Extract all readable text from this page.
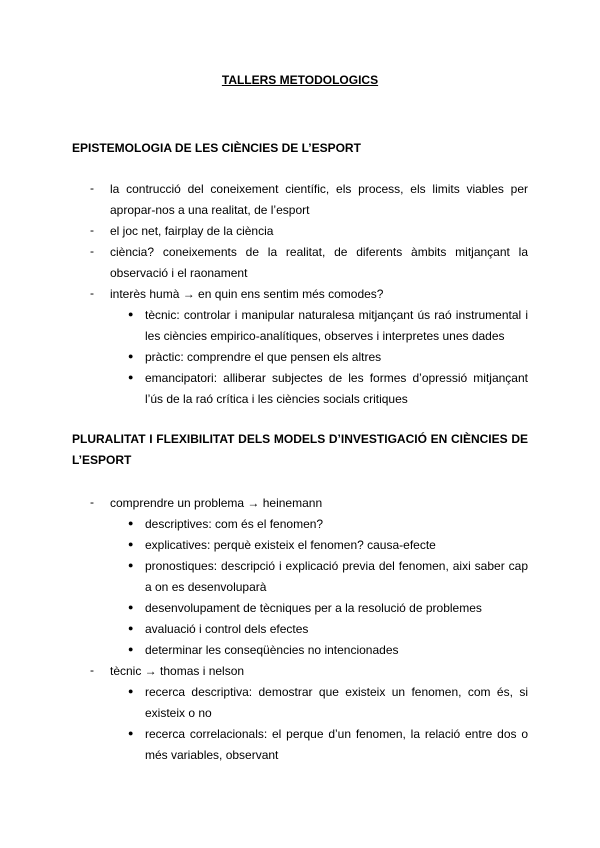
TALLERS METODOLOGICS
EPISTEMOLOGIA DE LES CIÈNCIES DE L’ESPORT
- la contrucció del coneixement científic, els process, els limits viables per apropar-nos a una realitat, de l’esport
- el joc net, fairplay de la ciència
- ciència? coneixements de la realitat, de diferents àmbits mitjançant la observació i el raonament
- interès humà → en quin ens sentim més comodes?
● tècnic: controlar i manipular naturalesa mitjançant ús raó instrumental i les ciències empirico-analítiques, observes i interpretes unes dades
● pràctic: comprendre el que pensen els altres
● emancipatori: alliberar subjectes de les formes d’opressió mitjançant l’ús de la raó crítica i les ciències socials critiques
PLURALITAT I FLEXIBILITAT DELS MODELS D’INVESTIGACIÓ EN CIÈNCIES DE L’ESPORT
- comprendre un problema → heinemann
● descriptives: com és el fenomen?
● explicatives: perquè existeix el fenomen? causa-efecte
● pronostiques: descripció i explicació previa del fenomen, aixi saber cap a on es desenvoluparà
● desenvolupament de tècniques per a la resolució de problemes
● avaluació i control dels efectes
● determinar les conseqüències no intencionades
- tècnic → thomas i nelson
● recerca descriptiva: demostrar que existeix un fenomen, com és, si existeix o no
● recerca correlacionals: el perque d’un fenomen, la relació entre dos o més variables, observant
